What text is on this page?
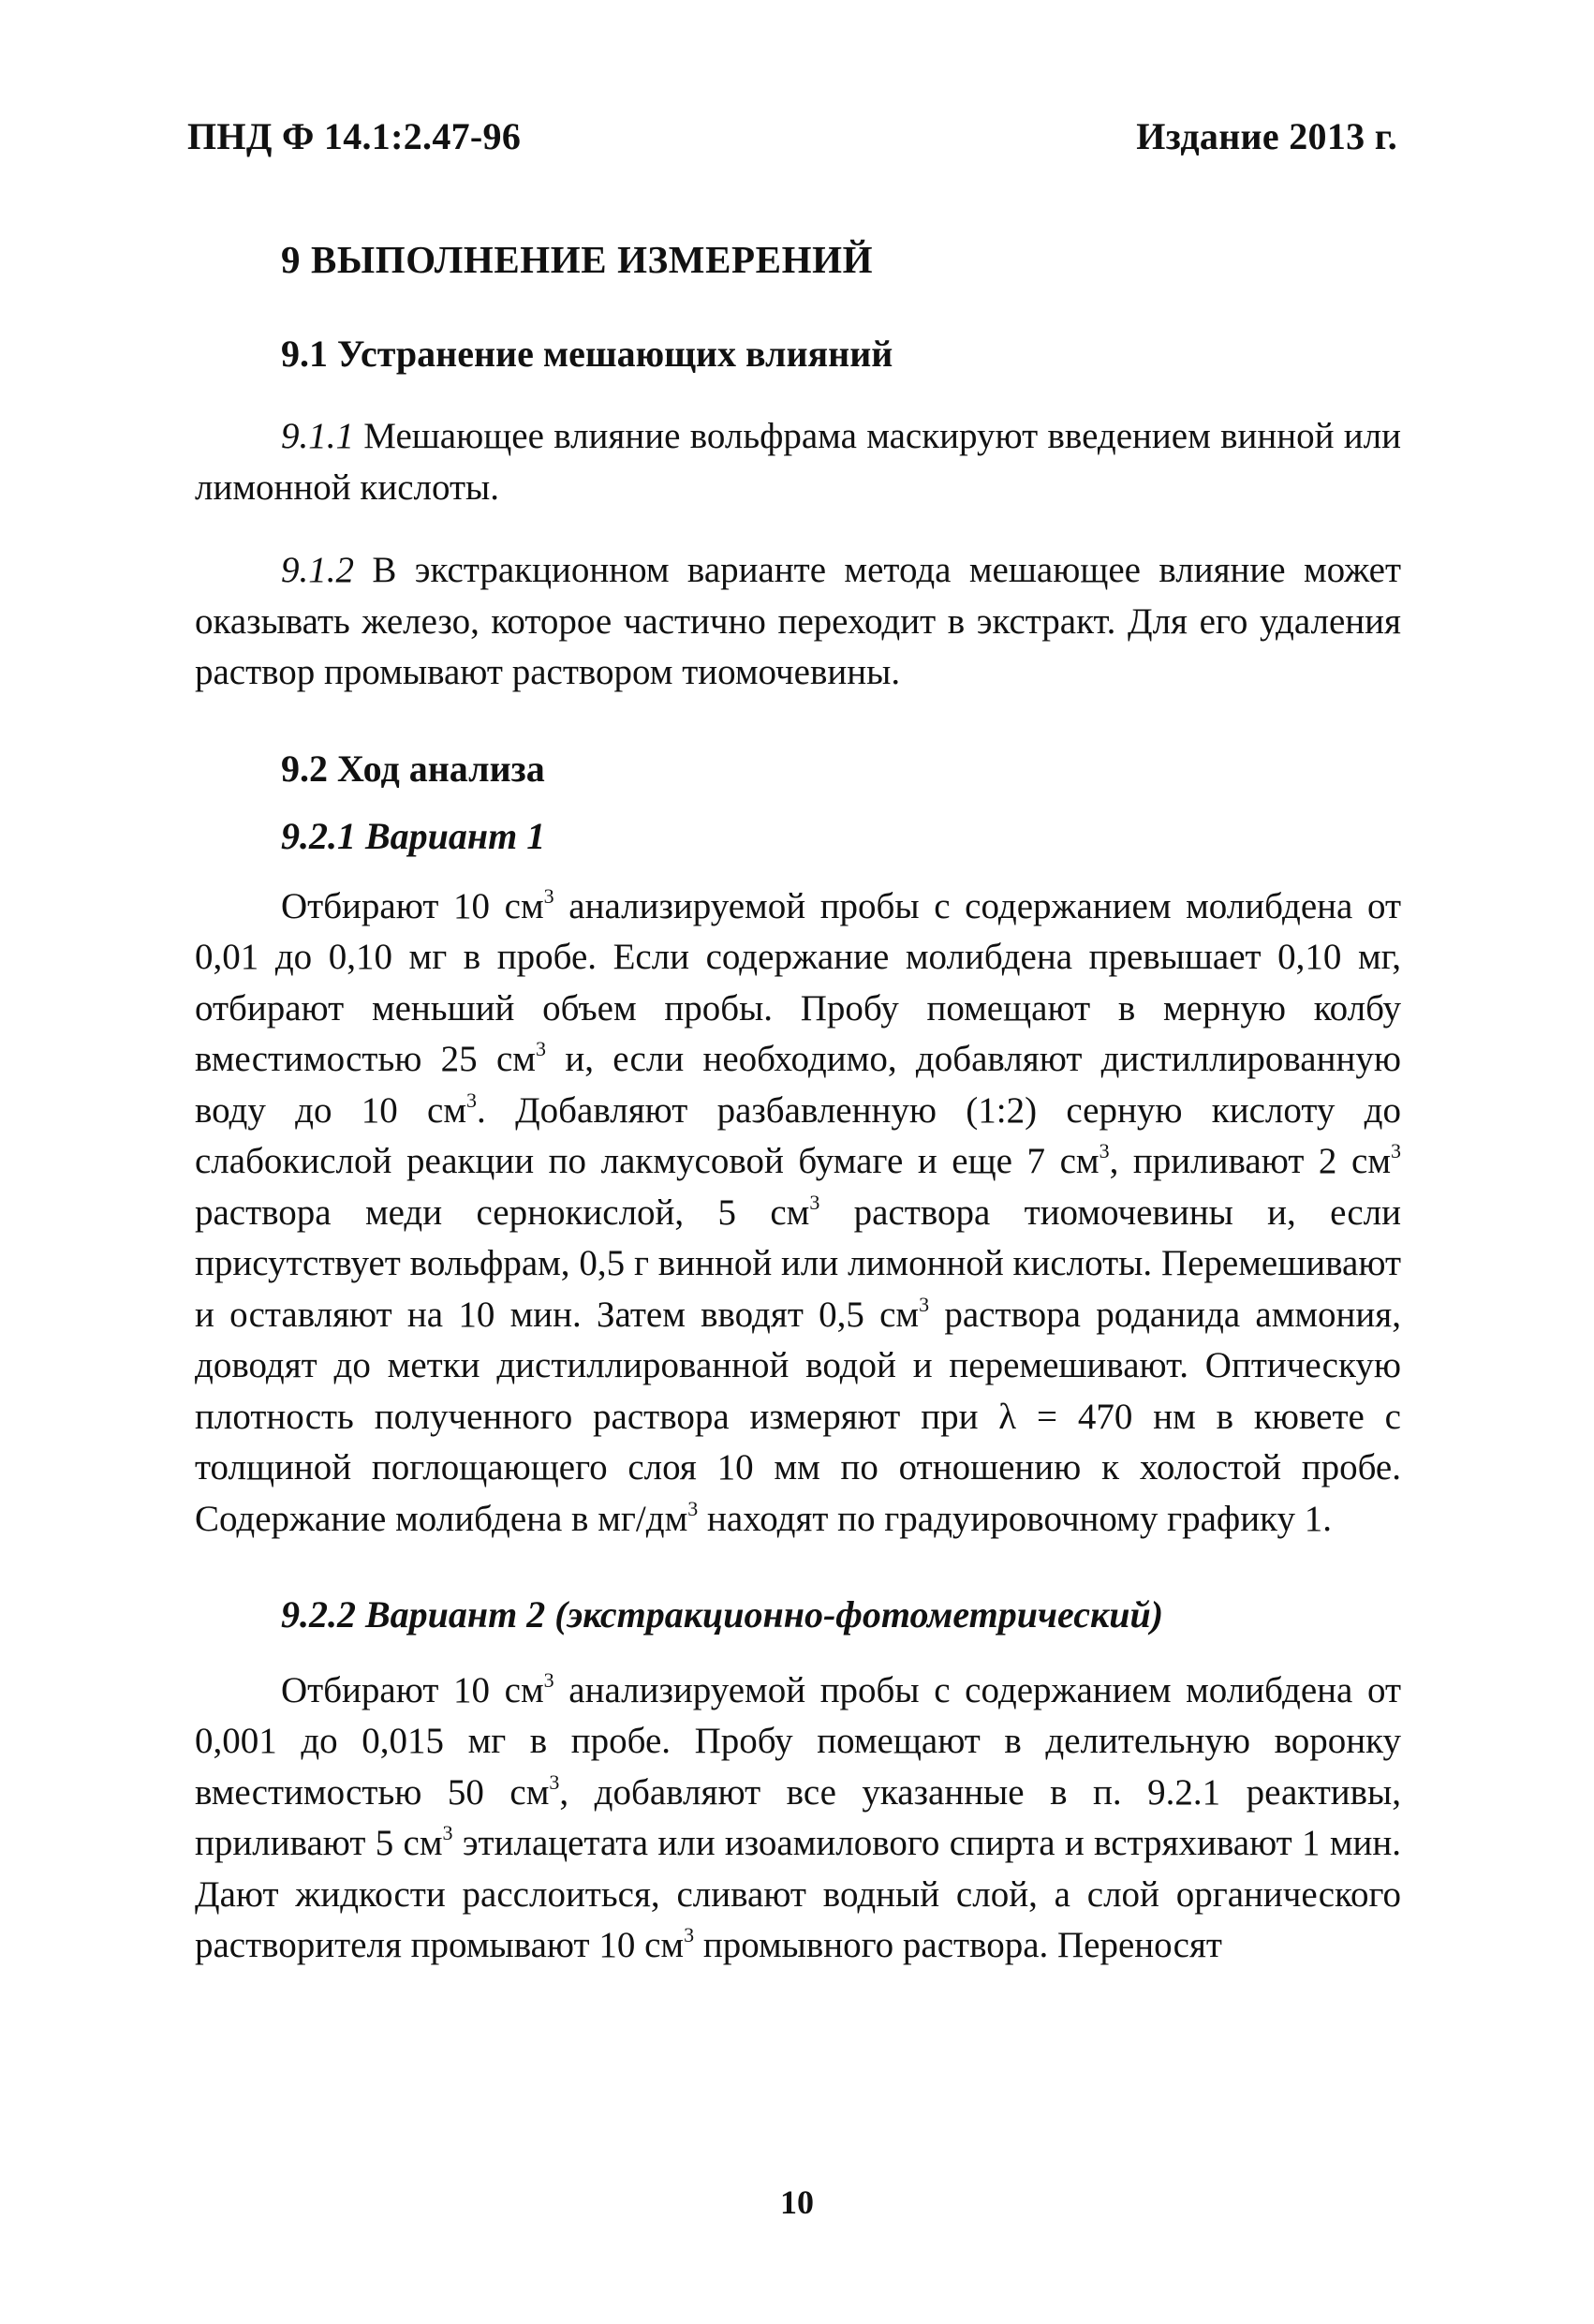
ПНД Ф 14.1:2.47-96	Издание 2013 г.
9 ВЫПОЛНЕНИЕ ИЗМЕРЕНИЙ
9.1 Устранение мешающих влияний
9.1.1 Мешающее влияние вольфрама маскируют введением винной или лимонной кислоты.
9.1.2 В экстракционном варианте метода мешающее влияние может оказывать железо, которое частично переходит в экстракт. Для его удаления раствор промывают раствором тиомочевины.
9.2 Ход анализа
9.2.1 Вариант 1
Отбирают 10 $см^3$ анализируемой пробы с содержанием молибдена от 0,01 до 0,10 мг в пробе. Если содержание молибдена превышает 0,10 мг, отбирают меньший объем пробы. Пробу помещают в мерную колбу вместимостью 25 $см^3$ и, если необходимо, добавляют дистиллированную воду до 10 $см^3$. Добавляют разбавленную (1:2) серную кислоту до слабокислой реакции по лакмусовой бумаге и еще 7 $см^3$, приливают 2 $см^3$ раствора меди сернокислой, 5 $см^3$ раствора тиомочевины и, если присутствует вольфрам, 0,5 г винной или лимонной кислоты. Перемешивают и оставляют на 10 мин. Затем вводят 0,5 $см^3$ раствора роданида аммония, доводят до метки дистиллированной водой и перемешивают. Оптическую плотность полученного раствора измеряют при λ = 470 нм в кювете с толщиной поглощающего слоя 10 мм по отношению к холостой пробе. Содержание молибдена в $мг/дм^3$ находят по градуировочному графику 1.
9.2.2 Вариант 2 (экстракционно-фотометрический)
Отбирают 10 $см^3$ анализируемой пробы с содержанием молибдена от 0,001 до 0,015 мг в пробе. Пробу помещают в делительную воронку вместимостью 50 $см^3$, добавляют все указанные в п. 9.2.1 реактивы, приливают 5 $см^3$ этилацетата или изоамилового спирта и встряхивают 1 мин. Дают жидкости расслоиться, сливают водный слой, а слой органического растворителя промывают 10 $см^3$ промывного раствора. Переносят
10
